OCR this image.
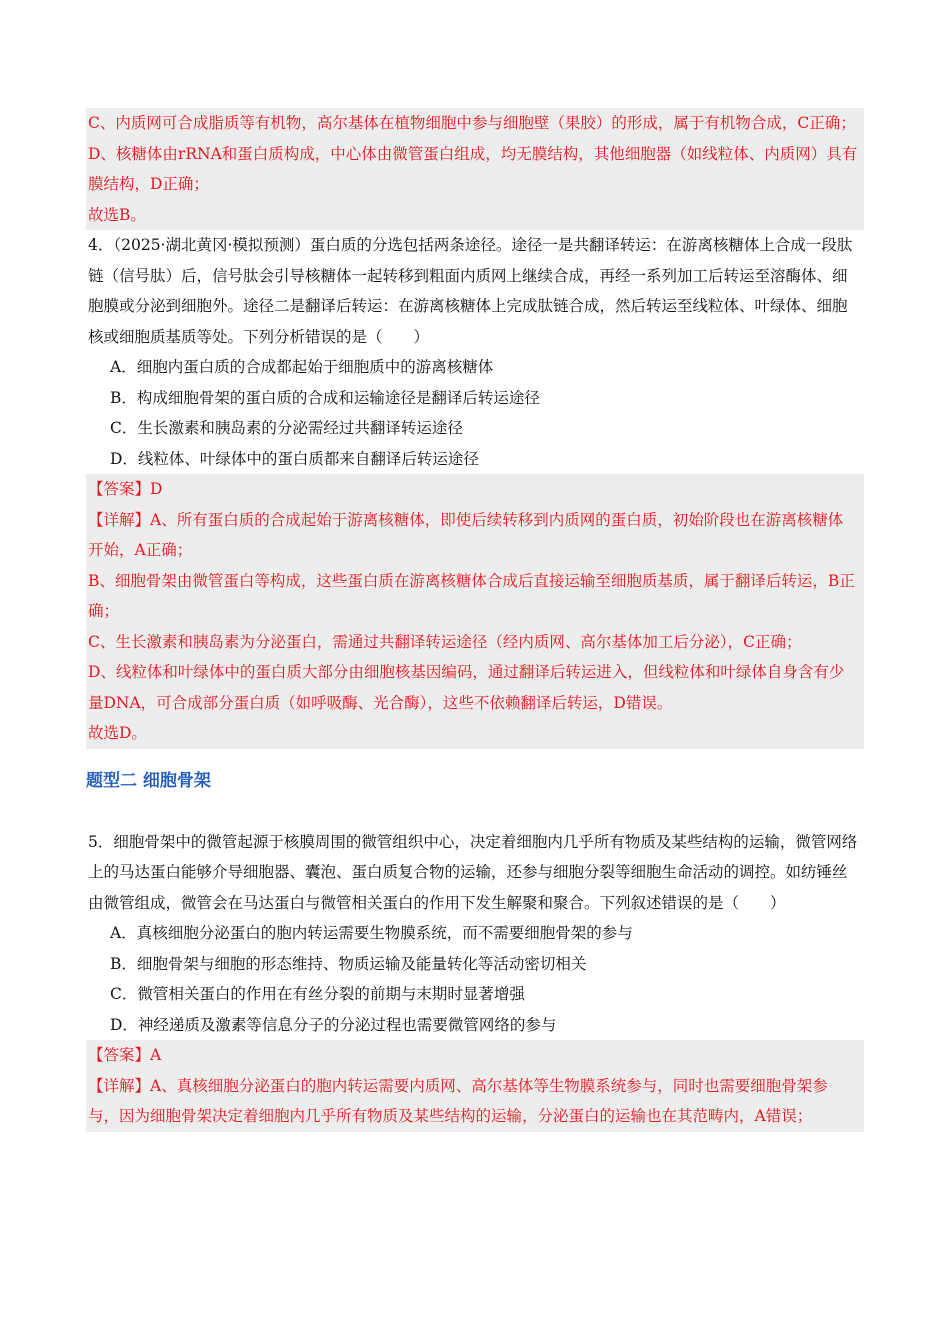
C、内质网可合成脂质等有机物，高尔基体在植物细胞中参与细胞壁（果胶）的形成，属于有机物合成，C正确；

D、核糖体由rRNA和蛋白质构成，中心体由微管蛋白组成，均无膜结构，其他细胞器（如线粒体、内质网）具有膜结构，D正确；

故选B。

4．（2025·湖北黄冈·模拟预测）蛋白质的分选包括两条途径。途径一是共翻译转运：在游离核糖体上合成一段肽链（信号肽）后，信号肽会引导核糖体一起转移到粗面内质网上继续合成，再经一系列加工后转运至溶酶体、细胞膜或分泌到细胞外。途径二是翻译后转运：在游离核糖体上完成肽链合成，然后转运至线粒体、叶绿体、细胞核或细胞质基质等处。下列分析错误的是（　　）

A．细胞内蛋白质的合成都起始于细胞质中的游离核糖体
B．构成细胞骨架的蛋白质的合成和运输途径是翻译后转运途径
C．生长激素和胰岛素的分泌需经过共翻译转运途径
D．线粒体、叶绿体中的蛋白质都来自翻译后转运途径

【答案】D

【详解】A、所有蛋白质的合成起始于游离核糖体，即使后续转移到内质网的蛋白质，初始阶段也在游离核糖体开始，A正确；

B、细胞骨架由微管蛋白等构成，这些蛋白质在游离核糖体合成后直接运输至细胞质基质，属于翻译后转运，B正确；

C、生长激素和胰岛素为分泌蛋白，需通过共翻译转运途径（经内质网、高尔基体加工后分泌），C正确；

D、线粒体和叶绿体中的蛋白质大部分由细胞核基因编码，通过翻译后转运进入，但线粒体和叶绿体自身含有少量DNA，可合成部分蛋白质（如呼吸酶、光合酶），这些不依赖翻译后转运，D错误。

故选D。

题型二 细胞骨架

5．细胞骨架中的微管起源于核膜周围的微管组织中心，决定着细胞内几乎所有物质及某些结构的运输，微管网络上的马达蛋白能够介导细胞器、囊泡、蛋白质复合物的运输，还参与细胞分裂等细胞生命活动的调控。如纺锤丝由微管组成，微管会在马达蛋白与微管相关蛋白的作用下发生解聚和聚合。下列叙述错误的是（　　）

A．真核细胞分泌蛋白的胞内转运需要生物膜系统，而不需要细胞骨架的参与
B．细胞骨架与细胞的形态维持、物质运输及能量转化等活动密切相关
C．微管相关蛋白的作用在有丝分裂的前期与末期时显著增强
D．神经递质及激素等信息分子的分泌过程也需要微管网络的参与

【答案】A

【详解】A、真核细胞分泌蛋白的胞内转运需要内质网、高尔基体等生物膜系统参与，同时也需要细胞骨架参与，因为细胞骨架决定着细胞内几乎所有物质及某些结构的运输，分泌蛋白的运输也在其范畴内，A错误；
